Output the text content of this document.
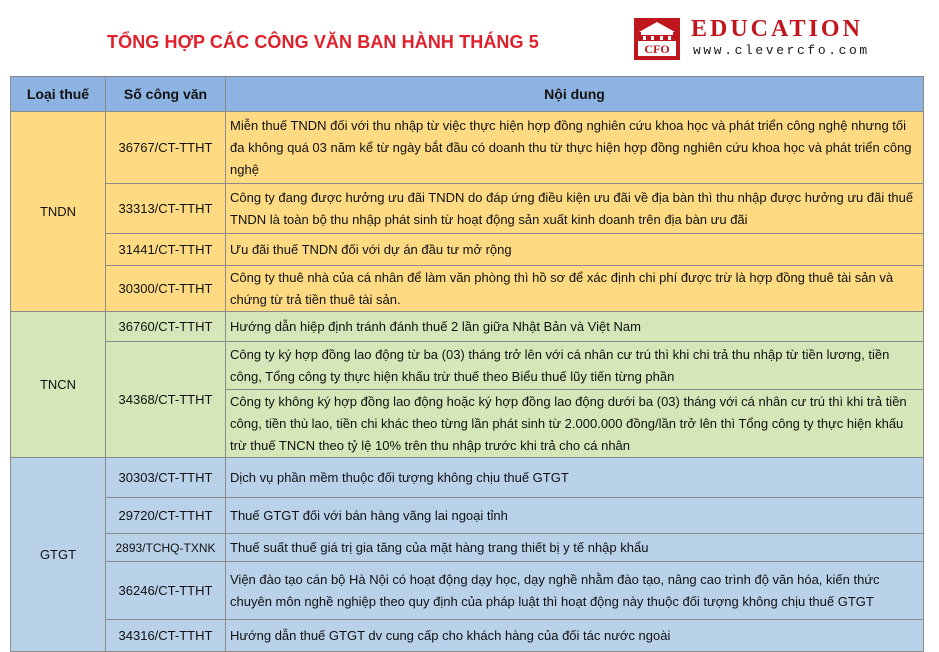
TỔNG HỢP CÁC CÔNG VĂN BAN HÀNH THÁNG 5	CFO
EDUCATION
www.clevercfo.com
Loại thuế	Số công văn	Nội dung
TNDN	36767/CT-TTHT	Miễn thuế TNDN đối với thu nhập từ việc thực hiện hợp đồng nghiên cứu khoa học và phát triển công nghệ nhưng tối đa không quá 03 năm kể từ ngày bắt đầu có doanh thu từ thực hiện hợp đồng nghiên cứu khoa học và phát triển công nghệ
	33313/CT-TTHT	Công ty đang được hưởng ưu đãi TNDN do đáp ứng điều kiện ưu đãi về địa bàn thì thu nhập được hưởng ưu đãi thuế TNDN là toàn bộ thu nhập phát sinh từ hoạt động sản xuất kinh doanh trên địa bàn ưu đãi
	31441/CT-TTHT	Ưu đãi thuế TNDN đối với dự án đầu tư mở rộng
	30300/CT-TTHT	Công ty thuê nhà của cá nhân để làm văn phòng thì hồ sơ để xác định chi phí được trừ là hợp đồng thuê tài sản và chứng từ trả tiền thuê tài sản.
TNCN	36760/CT-TTHT	Hướng dẫn hiệp định tránh đánh thuế 2 lần giữa Nhật Bản và Việt Nam
	34368/CT-TTHT	Công ty ký hợp đồng lao động từ ba (03) tháng trở lên với cá nhân cư trú thì khi chi trả thu nhập từ tiền lương, tiền công, Tổng công ty thực hiện khấu trừ thuế theo Biểu thuế lũy tiến từng phần
		Công ty không ký hợp đồng lao động hoặc ký hợp đồng lao động dưới ba (03) tháng với cá nhân cư trú thì khi trả tiền công, tiền thù lao, tiền chi khác theo từng lần phát sinh từ 2.000.000 đồng/lần trở lên thì Tổng công ty thực hiện khấu trừ thuế TNCN theo tỷ lệ 10% trên thu nhập trước khi trả cho cá nhân
GTGT	30303/CT-TTHT	Dịch vụ phần mềm thuộc đối tượng không chịu thuế GTGT
	29720/CT-TTHT	Thuế GTGT đối với bán hàng vãng lai ngoại tỉnh
	2893/TCHQ-TXNK	Thuế suất thuế giá trị gia tăng của mặt hàng trang thiết bị y tế nhập khẩu
	36246/CT-TTHT	Viện đào tạo cán bộ Hà Nội có hoạt động dạy học, dạy nghề nhằm đào tạo, nâng cao trình độ văn hóa, kiến thức chuyên môn nghề nghiệp theo quy định của pháp luật thì hoạt động này thuộc đối tượng không chịu thuế GTGT
	34316/CT-TTHT	Hướng dẫn thuế GTGT dv cung cấp cho khách hàng của đối tác nước ngoài
